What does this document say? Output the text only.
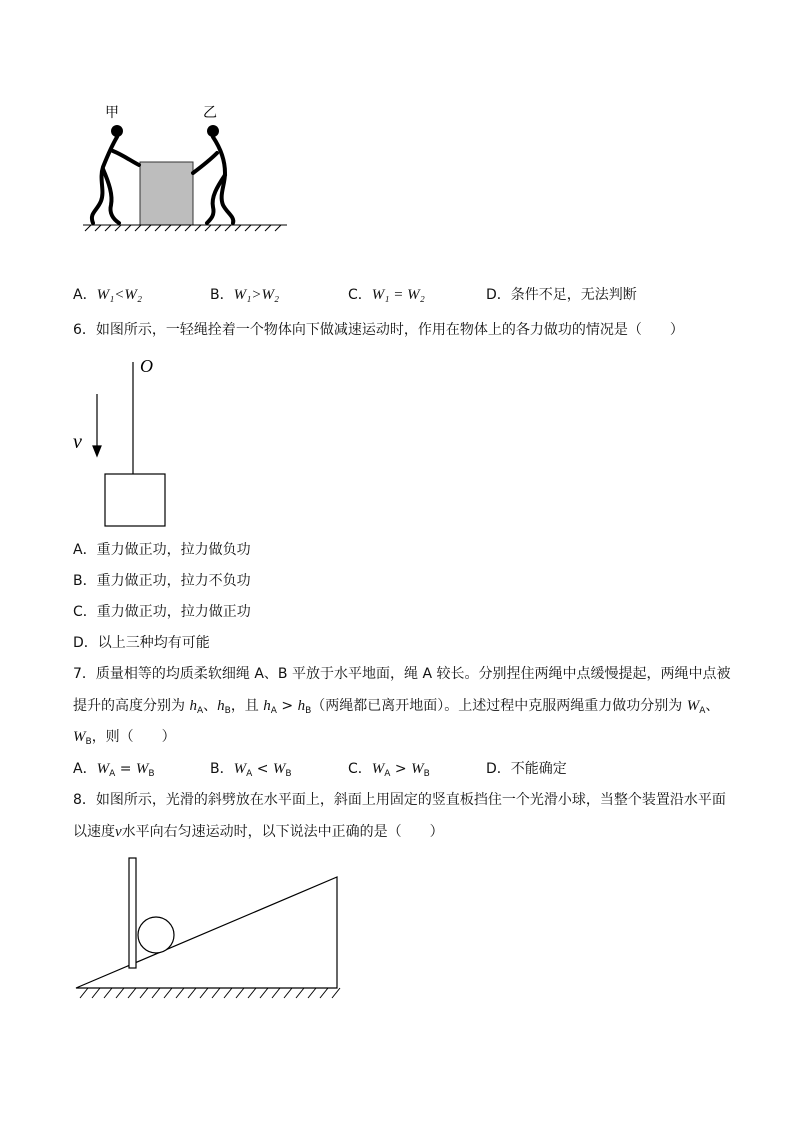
甲	乙
A．W₁<W₂	B．W₁>W₂	C．W₁ = W₂	D．条件不足，无法判断
6．如图所示，一轻绳拴着一个物体向下做减速运动时，作用在物体上的各力做功的情况是（　　）
O
v
A．重力做正功，拉力做负功
B．重力做正功，拉力不负功
C．重力做正功，拉力做正功
D．以上三种均有可能
7．质量相等的均质柔软细绳 A、B 平放于水平地面，绳 A 较长。分别捏住两绳中点缓慢提起，两绳中点被
提升的高度分别为 $h_A$、$h_B$，且 $h_A > h_B$（两绳都已离开地面）。上述过程中克服两绳重力做功分别为 $W_A$、
$W_B$，则（　　）
A．$W_A = W_B$	B．$W_A < W_B$	C．$W_A > W_B$	D．不能确定
8．如图所示，光滑的斜劈放在水平面上，斜面上用固定的竖直板挡住一个光滑小球，当整个装置沿水平面
以速度v水平向右匀速运动时，以下说法中正确的是（　　）
